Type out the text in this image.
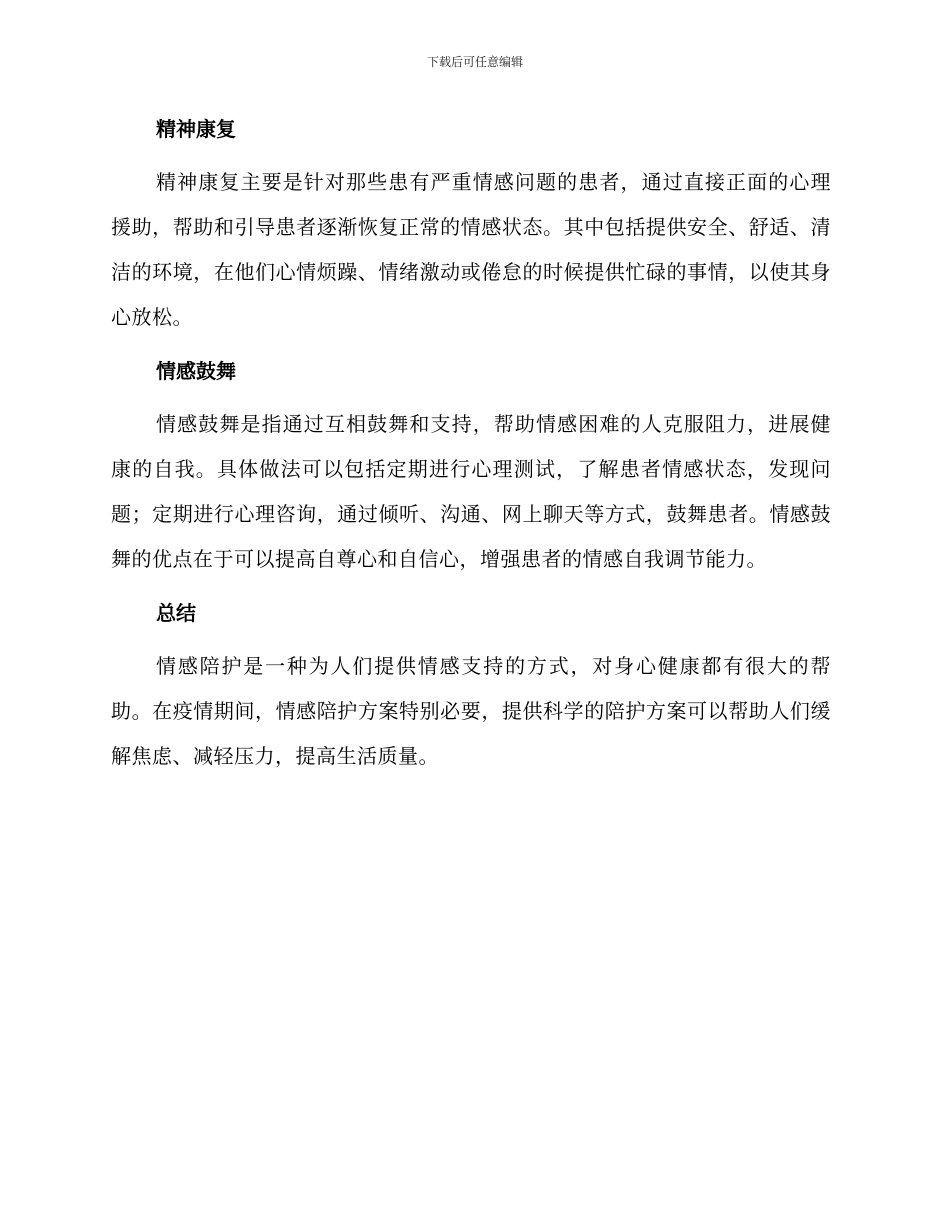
下载后可任意编辑
精神康复

精神康复主要是针对那些患有严重情感问题的患者，通过直接正面的心理援助，帮助和引导患者逐渐恢复正常的情感状态。其中包括提供安全、舒适、清洁的环境，在他们心情烦躁、情绪激动或倦怠的时候提供忙碌的事情，以使其身心放松。

情感鼓舞

情感鼓舞是指通过互相鼓舞和支持，帮助情感困难的人克服阻力，进展健康的自我。具体做法可以包括定期进行心理测试，了解患者情感状态，发现问题；定期进行心理咨询，通过倾听、沟通、网上聊天等方式，鼓舞患者。情感鼓舞的优点在于可以提高自尊心和自信心，增强患者的情感自我调节能力。

总结

情感陪护是一种为人们提供情感支持的方式，对身心健康都有很大的帮助。在疫情期间，情感陪护方案特别必要，提供科学的陪护方案可以帮助人们缓解焦虑、减轻压力，提高生活质量。
